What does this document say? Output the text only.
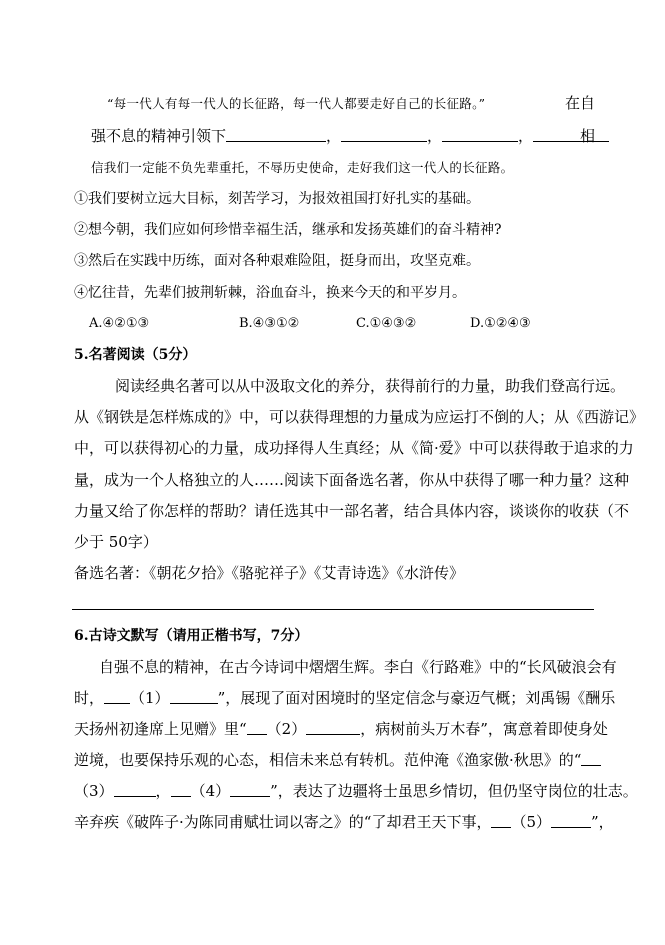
“每一代人有每一代人的长征路，每一代人都要走好自己的长征路。”	在自
强不息的精神引领下	，	，	，	相
信我们一定能不负先辈重托，不辱历史使命，走好我们这一代人的长征路。
①我们要树立远大目标，刻苦学习，为报效祖国打好扎实的基础。
②想今朝，我们应如何珍惜幸福生活，继承和发扬英雄们的奋斗精神?
③然后在实践中历练，面对各种艰难险阻，挺身而出，攻坚克难。
④忆往昔，先辈们披荆斩棘，浴血奋斗，换来今天的和平岁月。
A.④②①③	B.④③①②	C.①④③②	D.①②④③
5.名著阅读（5分）
阅读经典名著可以从中汲取文化的养分，获得前行的力量，助我们登高行远。
从《钢铁是怎样炼成的》中，可以获得理想的力量成为应运打不倒的人；从《西游记》
中，可以获得初心的力量，成功择得人生真经；从《简·爱》中可以获得敢于追求的力
量，成为一个人格独立的人……阅读下面备选名著，你从中获得了哪一种力量？这种
力量又给了你怎样的帮助？请任选其中一部名著，结合具体内容，谈谈你的收获（不
少于 50字）
备选名著：《朝花夕拾》《骆驼祥子》《艾青诗选》《水浒传》
6.古诗文默写（请用正楷书写，7分）
自强不息的精神，在古今诗词中熠熠生辉。李白《行路难》中的“长风破浪会有
时， （1）	”，展现了面对困境时的坚定信念与豪迈气概；刘禹锡《酬乐
天扬州初逢席上见赠》里“ （2）	，病树前头万木春”，寓意着即使身处
逆境，也要保持乐观的心态，相信未来总有转机。范仲淹《渔家傲·秋思》的“
（3）	， （4）	”，表达了边疆将士虽思乡情切，但仍坚守岗位的壮志。
辛弃疾《破阵子·为陈同甫赋壮词以寄之》的“了却君王天下事， （5）	”，
